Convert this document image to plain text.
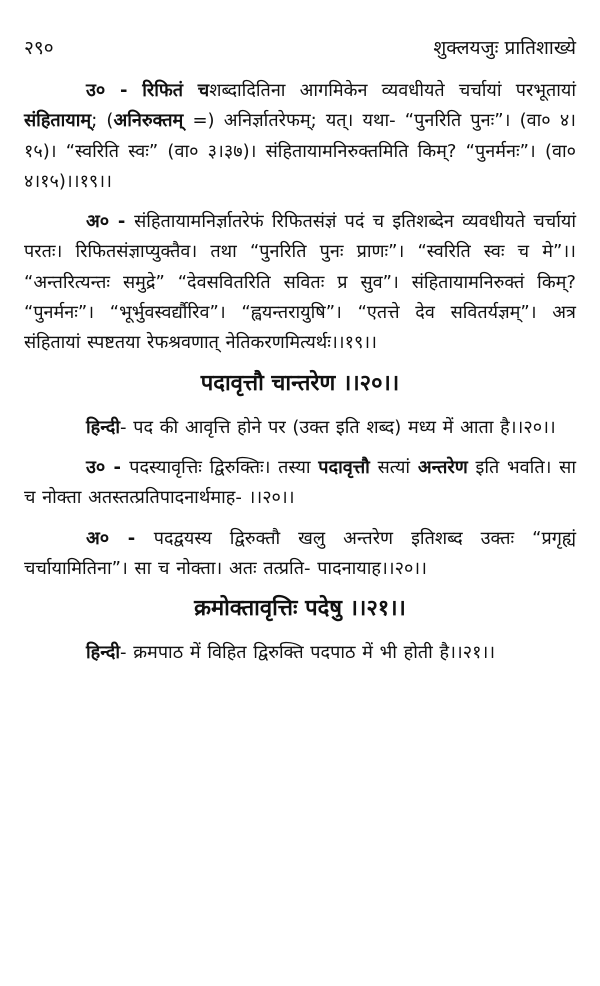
२९०	शुक्लयजुः प्रातिशाख्ये

उ० - रिफितं चशब्दादितिना आगमिकेन व्यवधीयते चर्चायां परभूतायां संहितायाम्; (अनिरुक्तम् =) अनिर्ज्ञातरेफम्; यत्। यथा- “पुनरिति पुनः”। (वा० ४।१५)। “स्वरिति स्वः” (वा० ३।३७)। संहितायामनिरुक्तमिति किम्? “पुनर्मनः”। (वा० ४।१५)।।१९।।

अ० - संहितायामनिर्ज्ञातरेफं रिफितसंज्ञं पदं च इतिशब्देन व्यवधीयते चर्चायां परतः। रिफितसंज्ञाप्युक्तैव। तथा “पुनरिति पुनः प्राणः”। “स्वरिति स्वः च मे”।। “अन्तरित्यन्तः समुद्रे” “देवसवितरिति सवितः प्र सुव”। संहितायामनिरुक्तं किम्? “पुनर्मनः”। “भूर्भुवस्वर्द्यौरिव”। “ह्वयन्तरायुषि”। “एतत्ते देव सवितर्यज्ञम्”। अत्र संहितायां स्पष्टतया रेफश्रवणात् नेतिकरणमित्यर्थः।।१९।।

पदावृत्तौ चान्तरेण ।।२०।।

हिन्दी- पद की आवृत्ति होने पर (उक्त इति शब्द) मध्य में आता है।।२०।।

उ० - पदस्यावृत्तिः द्विरुक्तिः। तस्या पदावृत्तौ सत्यां अन्तरेण इति भवति। सा च नोक्ता अतस्तत्प्रतिपादनार्थमाह- ।।२०।।

अ० - पदद्वयस्य द्विरुक्तौ खलु अन्तरेण इतिशब्द उक्तः “प्रगृह्यं चर्चायामितिना”। सा च नोक्ता। अतः तत्प्रति- पादनायाह।।२०।।

क्रमोक्तावृत्तिः पदेषु ।।२१।।

हिन्दी- क्रमपाठ में विहित द्विरुक्ति पदपाठ में भी होती है।।२१।।
